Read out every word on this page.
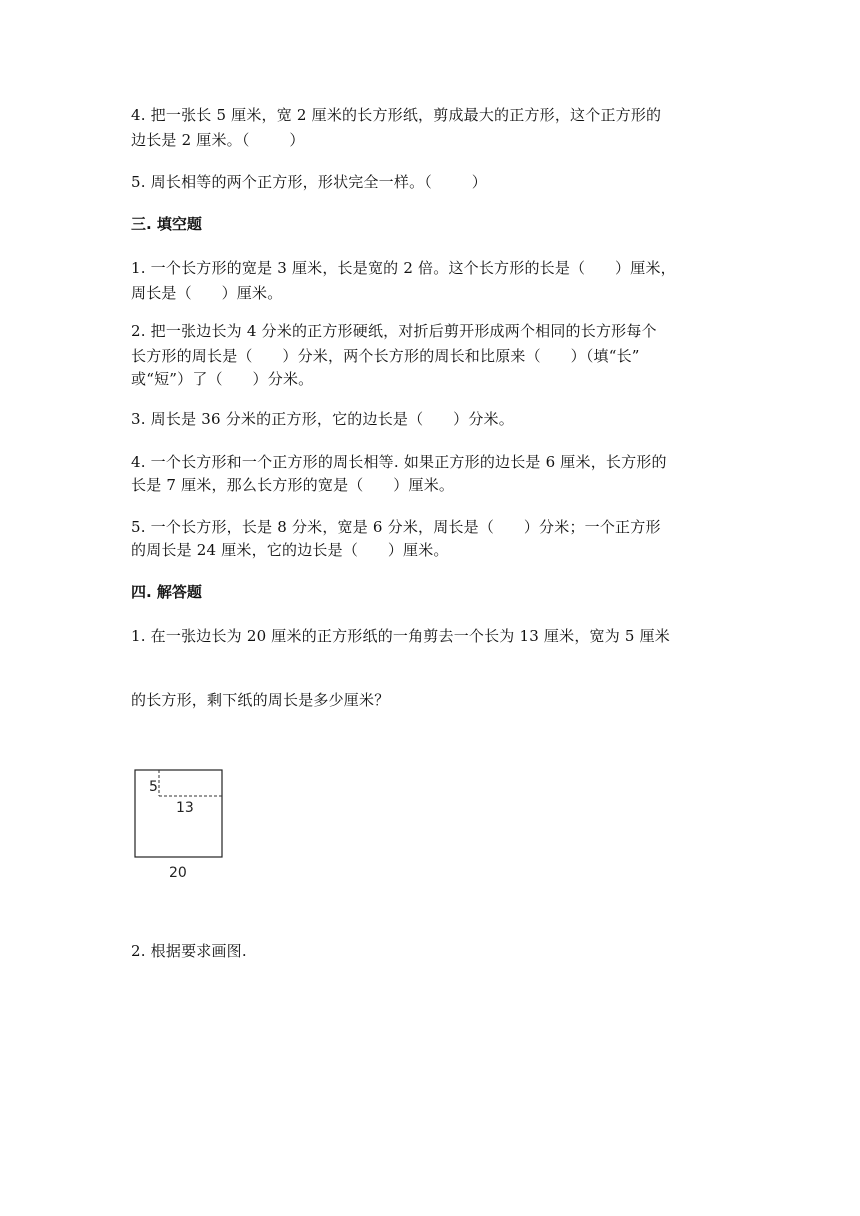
4. 把一张长 5 厘米，宽 2 厘米的长方形纸，剪成最大的正方形，这个正方形的
边长是 2 厘米。（        ）
5. 周长相等的两个正方形，形状完全一样。（        ）
三. 填空题
1. 一个长方形的宽是 3 厘米，长是宽的 2 倍。这个长方形的长是（      ）厘米，
周长是（      ）厘米。
2. 把一张边长为 4 分米的正方形硬纸，对折后剪开形成两个相同的长方形每个
长方形的周长是（      ）分米，两个长方形的周长和比原来（      ）（填“长”
或“短”）了（      ）分米。
3. 周长是 36 分米的正方形，它的边长是（      ）分米。
4. 一个长方形和一个正方形的周长相等. 如果正方形的边长是 6 厘米，长方形的
长是 7 厘米，那么长方形的宽是（      ）厘米。
5. 一个长方形，长是 8 分米，宽是 6 分米，周长是（      ）分米；一个正方形
的周长是 24 厘米，它的边长是（      ）厘米。
四. 解答题
1. 在一张边长为 20 厘米的正方形纸的一角剪去一个长为 13 厘米，宽为 5 厘米
的长方形，剩下纸的周长是多少厘米？
5
13
20
2. 根据要求画图.
